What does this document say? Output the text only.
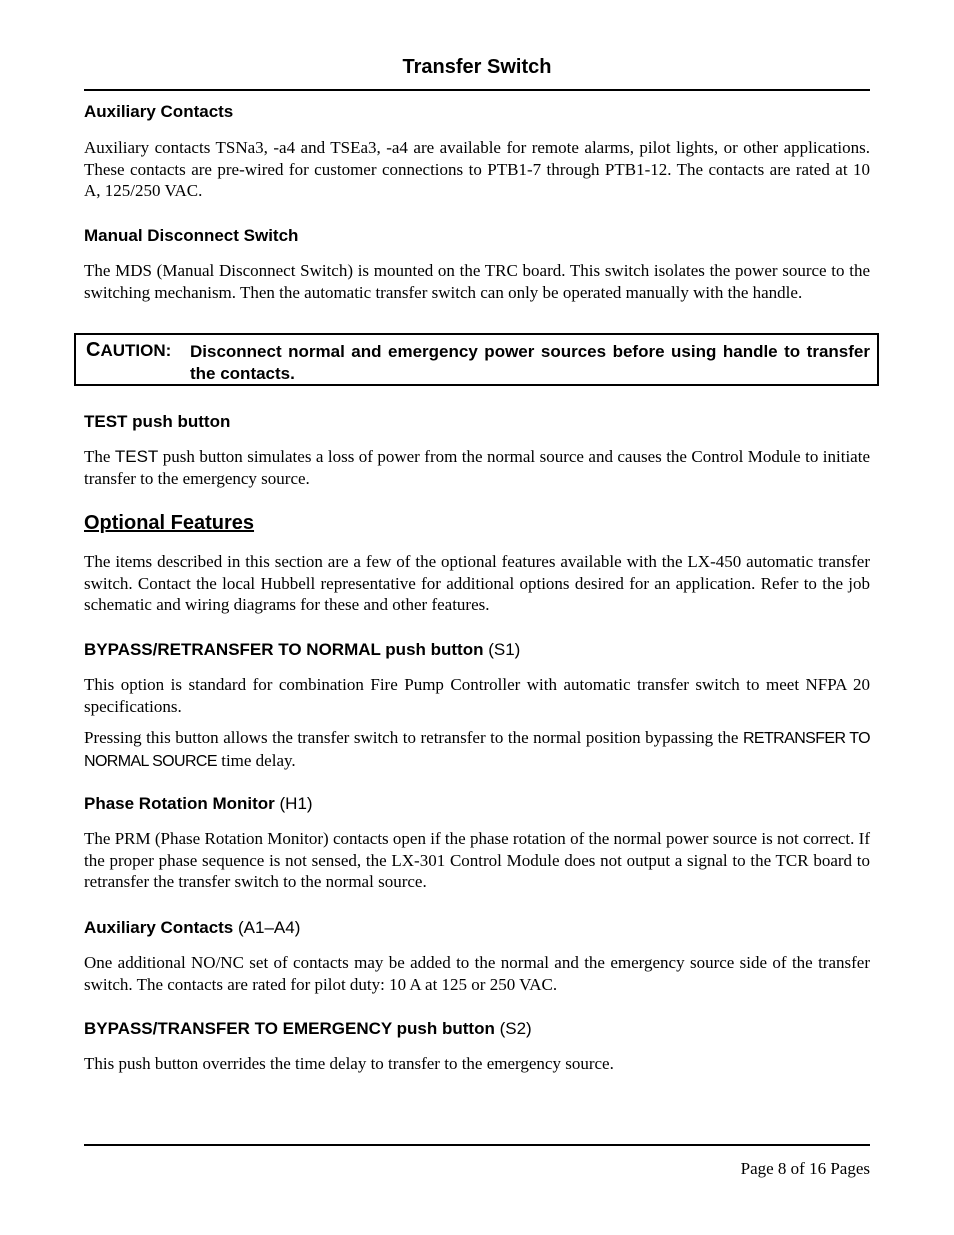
Transfer Switch
Auxiliary Contacts
Auxiliary contacts TSNa3, -a4 and TSEa3, -a4 are available for remote alarms, pilot lights, or other applications. These contacts are pre-wired for customer connections to PTB1-7 through PTB1-12. The contacts are rated at 10 A, 125/250 VAC.
Manual Disconnect Switch
The MDS (Manual Disconnect Switch) is mounted on the TRC board. This switch isolates the power source to the switching mechanism. Then the automatic transfer switch can only be operated manually with the handle.
CAUTION: Disconnect normal and emergency power sources before using handle to transfer the contacts.
TEST push button
The TEST push button simulates a loss of power from the normal source and causes the Control Module to initiate transfer to the emergency source.
Optional Features
The items described in this section are a few of the optional features available with the LX-450 automatic transfer switch. Contact the local Hubbell representative for additional options desired for an application. Refer to the job schematic and wiring diagrams for these and other features.
BYPASS/RETRANSFER TO NORMAL push button (S1)
This option is standard for combination Fire Pump Controller with automatic transfer switch to meet NFPA 20 specifications.
Pressing this button allows the transfer switch to retransfer to the normal position bypassing the RETRANSFER TO NORMAL SOURCE time delay.
Phase Rotation Monitor (H1)
The PRM (Phase Rotation Monitor) contacts open if the phase rotation of the normal power source is not correct. If the proper phase sequence is not sensed, the LX-301 Control Module does not output a signal to the TCR board to retransfer the transfer switch to the normal source.
Auxiliary Contacts (A1–A4)
One additional NO/NC set of contacts may be added to the normal and the emergency source side of the transfer switch. The contacts are rated for pilot duty: 10 A at 125 or 250 VAC.
BYPASS/TRANSFER TO EMERGENCY push button (S2)
This push button overrides the time delay to transfer to the emergency source.
Page 8 of 16 Pages
